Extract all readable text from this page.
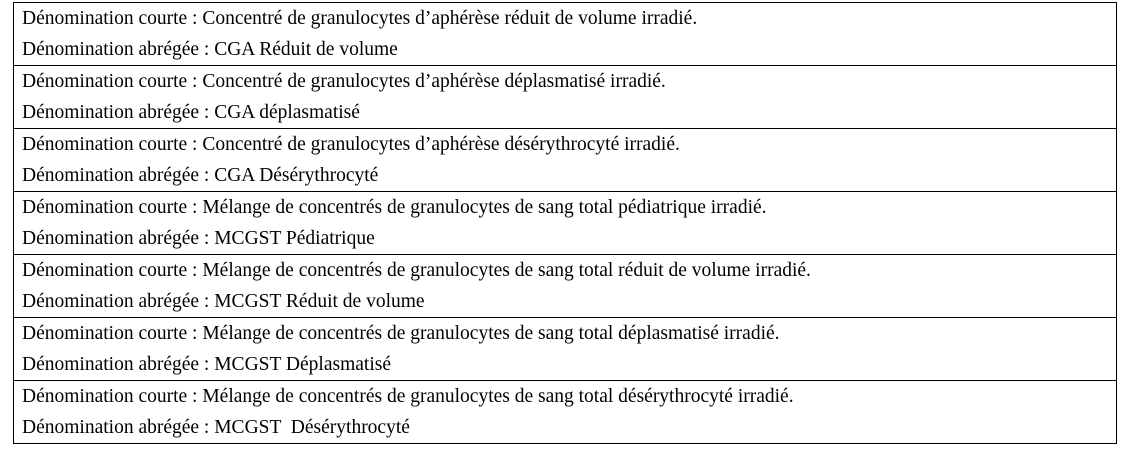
Dénomination courte : Concentré de granulocytes d’aphérèse réduit de volume irradié.
Dénomination abrégée : CGA Réduit de volume

Dénomination courte : Concentré de granulocytes d’aphérèse déplasmatisé irradié.
Dénomination abrégée : CGA déplasmatisé

Dénomination courte : Concentré de granulocytes d’aphérèse désérythrocyté irradié.
Dénomination abrégée : CGA Désérythrocyté

Dénomination courte : Mélange de concentrés de granulocytes de sang total pédiatrique irradié.
Dénomination abrégée : MCGST Pédiatrique

Dénomination courte : Mélange de concentrés de granulocytes de sang total réduit de volume irradié.
Dénomination abrégée : MCGST Réduit de volume

Dénomination courte : Mélange de concentrés de granulocytes de sang total déplasmatisé irradié.
Dénomination abrégée : MCGST Déplasmatisé

Dénomination courte : Mélange de concentrés de granulocytes de sang total désérythrocyté irradié.
Dénomination abrégée : MCGST  Désérythrocyté
